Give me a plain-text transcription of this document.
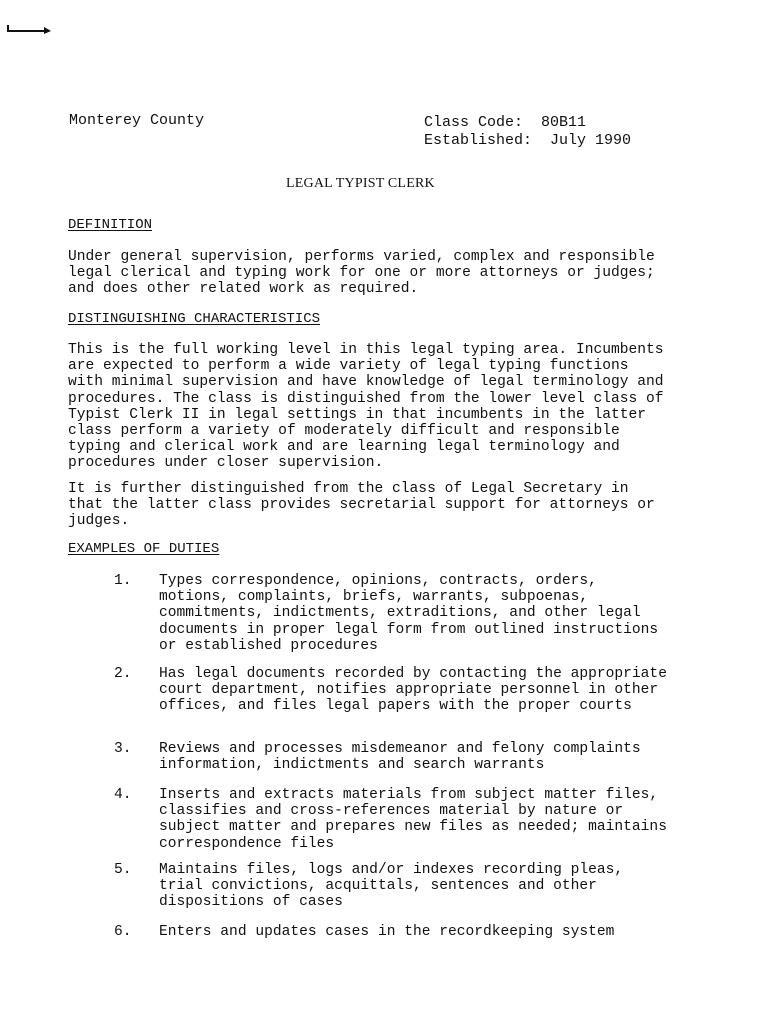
Monterey County	Class Code: 80B11
Established: July 1990
LEGAL TYPIST CLERK
DEFINITION

Under general supervision, performs varied, complex and responsible legal clerical and typing work for one or more attorneys or judges; and does other related work as required.

DISTINGUISHING CHARACTERISTICS

This is the full working level in this legal typing area. Incumbents are expected to perform a wide variety of legal typing functions with minimal supervision and have knowledge of legal terminology and procedures. The class is distinguished from the lower level class of Typist Clerk II in legal settings in that incumbents in the latter class perform a variety of moderately difficult and responsible typing and clerical work and are learning legal terminology and procedures under closer supervision.

It is further distinguished from the class of Legal Secretary in that the latter class provides secretarial support for attorneys or judges.

EXAMPLES OF DUTIES
1. Types correspondence, opinions, contracts, orders, motions, complaints, briefs, warrants, subpoenas, commitments, indictments, extraditions, and other legal documents in proper legal form from outlined instructions or established procedures

2. Has legal documents recorded by contacting the appropriate court department, notifies appropriate personnel in other offices, and files legal papers with the proper courts

3. Reviews and processes misdemeanor and felony complaints information, indictments and search warrants

4. Inserts and extracts materials from subject matter files, classifies and cross-references material by nature or subject matter and prepares new files as needed; maintains correspondence files

5. Maintains files, logs and/or indexes recording pleas, trial convictions, acquittals, sentences and other dispositions of cases

6. Enters and updates cases in the recordkeeping system
